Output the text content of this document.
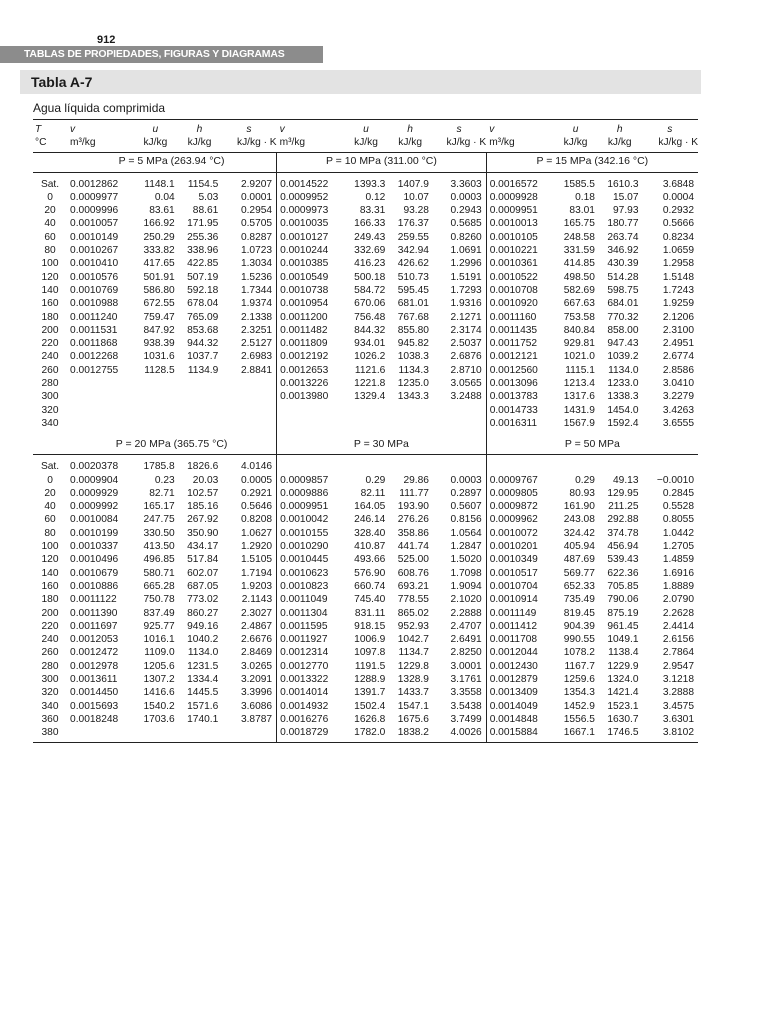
912
TABLAS DE PROPIEDADES, FIGURAS Y DIAGRAMAS
Tabla A-7
Agua líquida comprimida
T	v	u	h	s	v	u	h	s	v	u	h	s
°C	m³/kg	kJ/kg	kJ/kg	kJ/kg · K	m³/kg	kJ/kg	kJ/kg	kJ/kg · K	m³/kg	kJ/kg	kJ/kg	kJ/kg · K
	P = 5 MPa (263.94 °C)				P = 10 MPa (311.00 °C)				P = 15 MPa (342.16 °C)			

Sat.	0.0012862	1148.1	1154.5	2.9207	0.0014522	1393.3	1407.9	3.3603	0.0016572	1585.5	1610.3	3.6848
0	0.0009977	0.04	5.03	0.0001	0.0009952	0.12	10.07	0.0003	0.0009928	0.18	15.07	0.0004
20	0.0009996	83.61	88.61	0.2954	0.0009973	83.31	93.28	0.2943	0.0009951	83.01	97.93	0.2932
40	0.0010057	166.92	171.95	0.5705	0.0010035	166.33	176.37	0.5685	0.0010013	165.75	180.77	0.5666
60	0.0010149	250.29	255.36	0.8287	0.0010127	249.43	259.55	0.8260	0.0010105	248.58	263.74	0.8234
80	0.0010267	333.82	338.96	1.0723	0.0010244	332.69	342.94	1.0691	0.0010221	331.59	346.92	1.0659
100	0.0010410	417.65	422.85	1.3034	0.0010385	416.23	426.62	1.2996	0.0010361	414.85	430.39	1.2958
120	0.0010576	501.91	507.19	1.5236	0.0010549	500.18	510.73	1.5191	0.0010522	498.50	514.28	1.5148
140	0.0010769	586.80	592.18	1.7344	0.0010738	584.72	595.45	1.7293	0.0010708	582.69	598.75	1.7243
160	0.0010988	672.55	678.04	1.9374	0.0010954	670.06	681.01	1.9316	0.0010920	667.63	684.01	1.9259
180	0.0011240	759.47	765.09	2.1338	0.0011200	756.48	767.68	2.1271	0.0011160	753.58	770.32	2.1206
200	0.0011531	847.92	853.68	2.3251	0.0011482	844.32	855.80	2.3174	0.0011435	840.84	858.00	2.3100
220	0.0011868	938.39	944.32	2.5127	0.0011809	934.01	945.82	2.5037	0.0011752	929.81	947.43	2.4951
240	0.0012268	1031.6	1037.7	2.6983	0.0012192	1026.2	1038.3	2.6876	0.0012121	1021.0	1039.2	2.6774
260	0.0012755	1128.5	1134.9	2.8841	0.0012653	1121.6	1134.3	2.8710	0.0012560	1115.1	1134.0	2.8586
280					0.0013226	1221.8	1235.0	3.0565	0.0013096	1213.4	1233.0	3.0410
300					0.0013980	1329.4	1343.3	3.2488	0.0013783	1317.6	1338.3	3.2279
320									0.0014733	1431.9	1454.0	3.4263
340									0.0016311	1567.9	1592.4	3.6555

	P = 20 MPa (365.75 °C)				P = 30 MPa				P = 50 MPa			

Sat.	0.0020378	1785.8	1826.6	4.0146								
0	0.0009904	0.23	20.03	0.0005	0.0009857	0.29	29.86	0.0003	0.0009767	0.29	49.13	−0.0010
20	0.0009929	82.71	102.57	0.2921	0.0009886	82.11	111.77	0.2897	0.0009805	80.93	129.95	0.2845
40	0.0009992	165.17	185.16	0.5646	0.0009951	164.05	193.90	0.5607	0.0009872	161.90	211.25	0.5528
60	0.0010084	247.75	267.92	0.8208	0.0010042	246.14	276.26	0.8156	0.0009962	243.08	292.88	0.8055
80	0.0010199	330.50	350.90	1.0627	0.0010155	328.40	358.86	1.0564	0.0010072	324.42	374.78	1.0442
100	0.0010337	413.50	434.17	1.2920	0.0010290	410.87	441.74	1.2847	0.0010201	405.94	456.94	1.2705
120	0.0010496	496.85	517.84	1.5105	0.0010445	493.66	525.00	1.5020	0.0010349	487.69	539.43	1.4859
140	0.0010679	580.71	602.07	1.7194	0.0010623	576.90	608.76	1.7098	0.0010517	569.77	622.36	1.6916
160	0.0010886	665.28	687.05	1.9203	0.0010823	660.74	693.21	1.9094	0.0010704	652.33	705.85	1.8889
180	0.0011122	750.78	773.02	2.1143	0.0011049	745.40	778.55	2.1020	0.0010914	735.49	790.06	2.0790
200	0.0011390	837.49	860.27	2.3027	0.0011304	831.11	865.02	2.2888	0.0011149	819.45	875.19	2.2628
220	0.0011697	925.77	949.16	2.4867	0.0011595	918.15	952.93	2.4707	0.0011412	904.39	961.45	2.4414
240	0.0012053	1016.1	1040.2	2.6676	0.0011927	1006.9	1042.7	2.6491	0.0011708	990.55	1049.1	2.6156
260	0.0012472	1109.0	1134.0	2.8469	0.0012314	1097.8	1134.7	2.8250	0.0012044	1078.2	1138.4	2.7864
280	0.0012978	1205.6	1231.5	3.0265	0.0012770	1191.5	1229.8	3.0001	0.0012430	1167.7	1229.9	2.9547
300	0.0013611	1307.2	1334.4	3.2091	0.0013322	1288.9	1328.9	3.1761	0.0012879	1259.6	1324.0	3.1218
320	0.0014450	1416.6	1445.5	3.3996	0.0014014	1391.7	1433.7	3.3558	0.0013409	1354.3	1421.4	3.2888
340	0.0015693	1540.2	1571.6	3.6086	0.0014932	1502.4	1547.1	3.5438	0.0014049	1452.9	1523.1	3.4575
360	0.0018248	1703.6	1740.1	3.8787	0.0016276	1626.8	1675.6	3.7499	0.0014848	1556.5	1630.7	3.6301
380					0.0018729	1782.0	1838.2	4.0026	0.0015884	1667.1	1746.5	3.8102
